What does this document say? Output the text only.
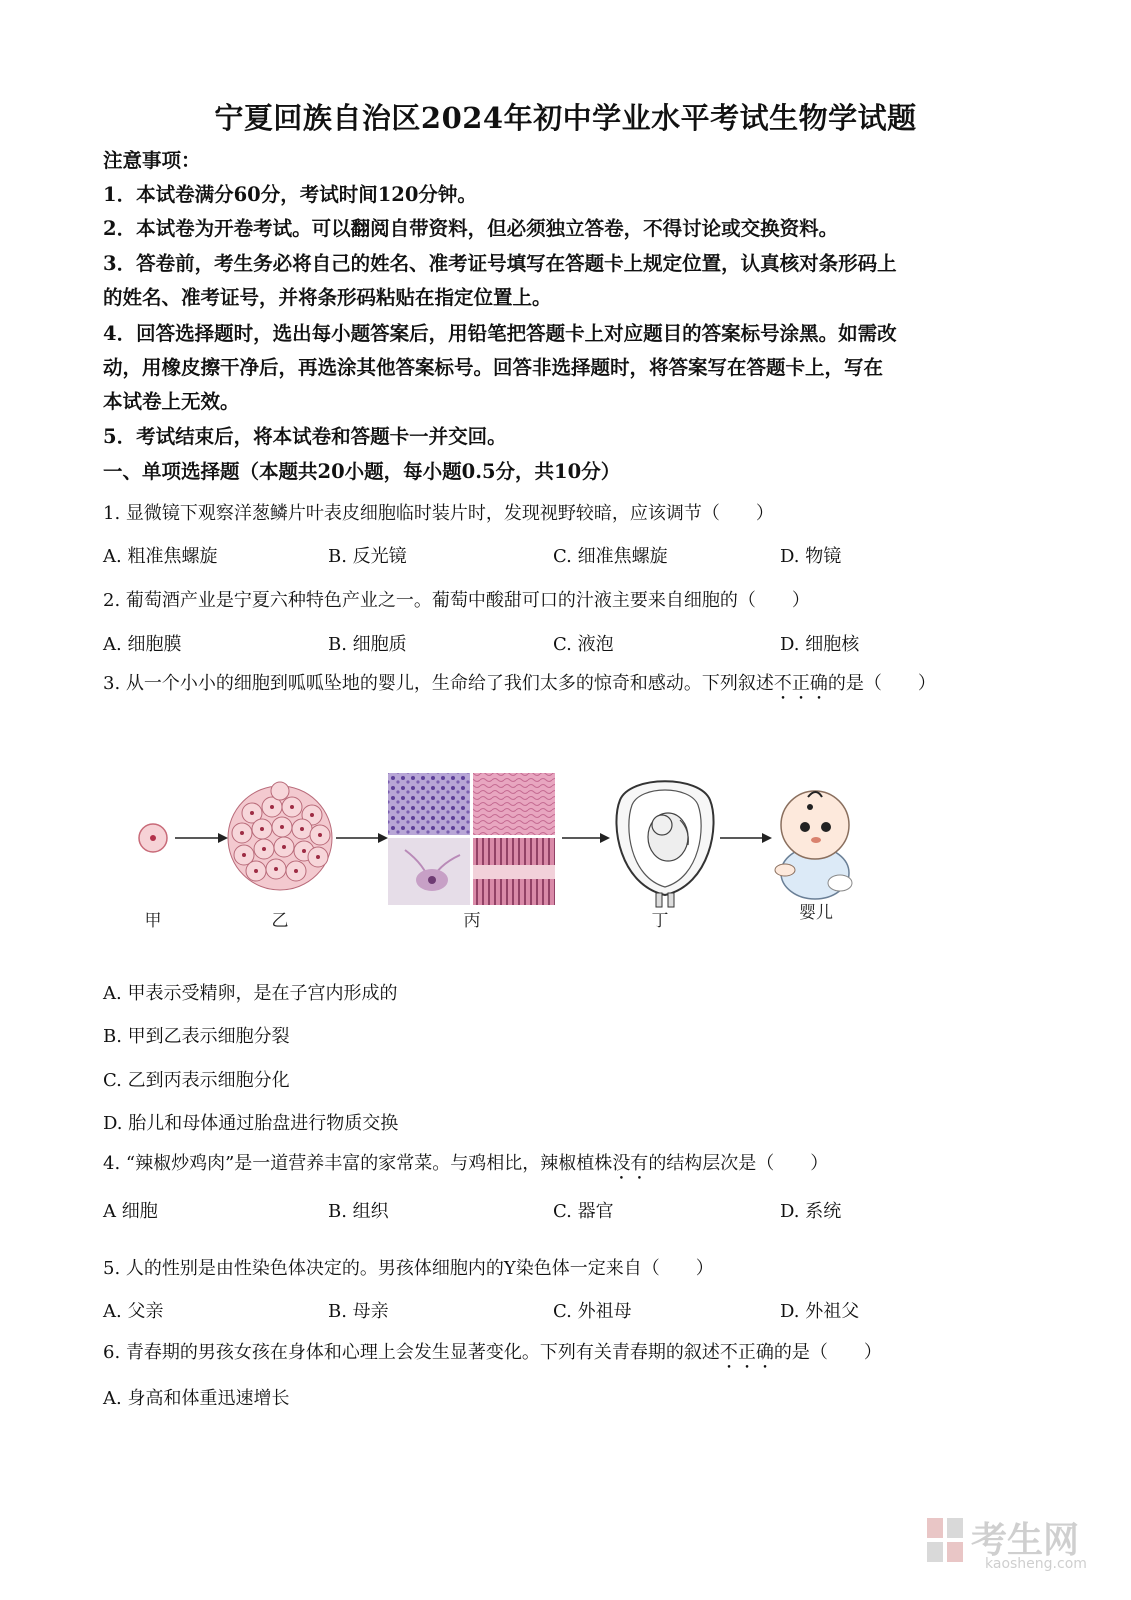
宁夏回族自治区2024年初中学业水平考试生物学试题
注意事项：
1．本试卷满分60分，考试时间120分钟。
2．本试卷为开卷考试。可以翻阅自带资料，但必须独立答卷，不得讨论或交换资料。
3．答卷前，考生务必将自己的姓名、准考证号填写在答题卡上规定位置，认真核对条形码上
的姓名、准考证号，并将条形码粘贴在指定位置上。
4．回答选择题时，选出每小题答案后，用铅笔把答题卡上对应题目的答案标号涂黑。如需改
动，用橡皮擦干净后，再选涂其他答案标号。回答非选择题时，将答案写在答题卡上，写在
本试卷上无效。
5．考试结束后，将本试卷和答题卡一并交回。
一、单项选择题（本题共20小题，每小题0.5分，共10分）
1. 显微镜下观察洋葱鳞片叶表皮细胞临时装片时，发现视野较暗，应该调节（　　）
A. 粗准焦螺旋	B. 反光镜	C. 细准焦螺旋	D. 物镜
2. 葡萄酒产业是宁夏六种特色产业之一。葡萄中酸甜可口的汁液主要来自细胞的（　　）
A. 细胞膜	B. 细胞质	C. 液泡	D. 细胞核
3. 从一个小小的细胞到呱呱坠地的婴儿，生命给了我们太多的惊奇和感动。下列叙述不正确的是（　　）
甲	乙	丙	丁	婴儿
A. 甲表示受精卵，是在子宫内形成的
B. 甲到乙表示细胞分裂
C. 乙到丙表示细胞分化
D. 胎儿和母体通过胎盘进行物质交换
4. “辣椒炒鸡肉”是一道营养丰富的家常菜。与鸡相比，辣椒植株没有的结构层次是（　　）
A 细胞	B. 组织	C. 器官	D. 系统
5. 人的性别是由性染色体决定的。男孩体细胞内的Y染色体一定来自（　　）
A. 父亲	B. 母亲	C. 外祖母	D. 外祖父
6. 青春期的男孩女孩在身体和心理上会发生显著变化。下列有关青春期的叙述不正确的是（　　）
A. 身高和体重迅速增长
考生网
kaosheng.com
